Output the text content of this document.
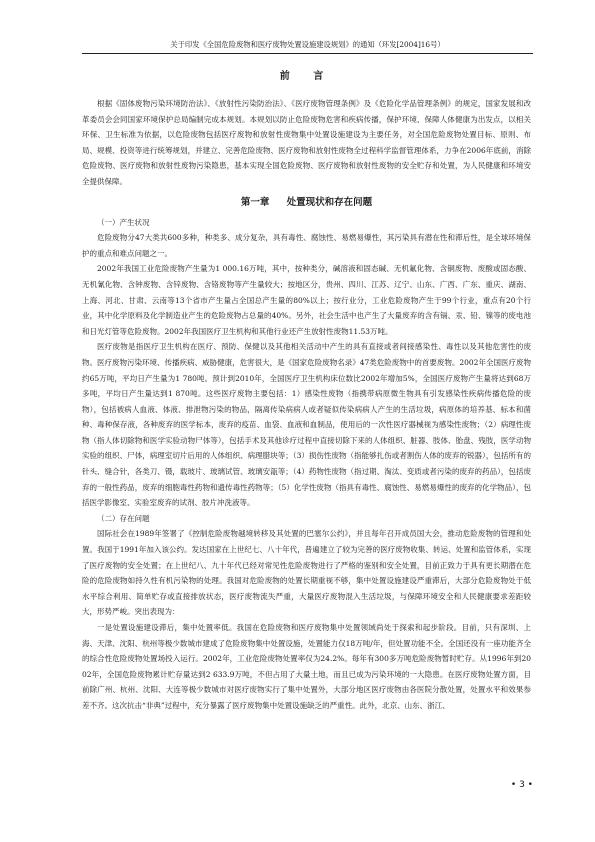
关于印发《全国危险废物和医疗废物处置设施建设规划》的通知（环发[2004]16号）
前 言

根据《固体废物污染环境防治法》、《放射性污染防治法》、《医疗废物管理条例》及《危险化学品管理条例》的规定，国家发展和改革委员会会同国家环境保护总局编制完成本规划。本规划以防止危险废物危害和疾病传播，保护环境、保障人体健康为出发点，以相关环保、卫生标准为依据，以危险废物包括医疗废物和放射性废物集中处置设施建设为主要任务，对全国危险废物处置目标、原则、布局、规模、投资等进行统筹规划，并建立、完善危险废物、医疗废物和放射性废物全过程科学监督管理体系，力争在2006年底前，消除危险废物、医疗废物和放射性废物污染隐患，基本实现全国危险废物、医疗废物和放射性废物的安全贮存和处置，为人民健康和环境安全提供保障。

第一章 处置现状和存在问题

（一）产生状况

危险废物分47大类共600多种，种类多、成分复杂，具有毒性、腐蚀性、易燃易爆性，其污染具有潜在性和滞后性，是全球环境保护的重点和难点问题之一。

2002年我国工业危险废物产生量为1 000.16万吨，其中，按种类分，碱溶液和固态碱、无机氟化物、含铜废物、废酸或固态酸、无机氰化物、含钟废物、含锌废物、含铬废物等产生量较大；按地区分，贵州、四川、江苏、辽宁、山东、广西、广东、重庆、湖南、上海、河北、甘肃、云南等13个省市产生量占全国总产生量的80%以上；按行业分，工业危险废物产生于99个行业，重点有20个行业，其中化学原料及化学制造业产生的危险废物占总量的40%。另外，社会生活中也产生了大量废弃的含有镉、汞、铅、镍等的废电池和日光灯管等危险废物。2002年我国医疗卫生机构和其他行业还产生放射性废物11.53万吨。

医疗废物是指医疗卫生机构在医疗、预防、保健以及其他相关活动中产生的具有直接或者间接感染性、毒性以及其他危害性的废物。医疗废物污染环境、传播疾病、威胁健康，危害很大，是《国家危险废物名录》47类危险废物中的首要废物。2002年全国医疗废物约65万吨，平均日产生量为1 780吨。预计到2010年，全国医疗卫生机构床位数比2002年增加5%，全国医疗废物产生量将达到68万多吨，平均日产生量达到1 870吨。这些医疗废物主要包括：1）感染性废物（指携带病原微生物具有引发感染性疾病传播危险的废物），包括被病人血液、体液、排泄物污染的物品，隔离传染病病人或者疑似传染病病人产生的生活垃圾，病原体的培养基、标本和菌种、毒种保存液，各种废弃的医学标本，废弃的疫苗、血袋、血液和血制品，使用后的一次性医疗器械视为感染性废物；（2）病理性废物（指人体切除物和医学实验动物尸体等），包括手术及其他诊疗过程中直接切除下来的人体组织、脏器、肢体、胎盘、残肢，医学动物实验的组织、尸体，病理室切片后用的人体组织、病理腊块等；（3）损伤性废物（指能够扎伤或者割伤人体的废弃的锐器），包括所有的针头、缝合针，各类刀、镊，载玻片、玻璃试管、玻璃安瓿等；（4）药物性废物（指过期、淘汰、变质或者污染的废弃的药品），包括废弃的一般性药品，废弃的细胞毒性药物和遗传毒性药物等；（5）化学性废物（指具有毒性、腐蚀性、易燃易爆性的废弃的化学物品），包括医学影像室、实验室废弃的试剂、胶片冲洗液等。

（二）存在问题

国际社会在1989年签署了《控制危险废物越境转移及其处置的巴塞尔公约》，并且每年召开成员国大会，推动危险废物的管理和处置。我国于1991年加入该公约。发达国家在上世纪七、八十年代，普遍建立了较为完善的医疗废物收集、转运、处置和监管体系，实现了医疗废物的安全处置；在上世纪八、九十年代已经对常见性危险废物进行了严格的鉴别和安全处置，目前正致力于具有更长期潜在危险的危险废物如持久性有机污染物的处理。我国对危险废物的处置长期重视不够，集中处置设施建设严重滞后，大部分危险废物处于低水平综合利用、简单贮存或直接排放状态，医疗废物流失严重，大量医疗废物混入生活垃圾，与保障环境安全和人民健康要求差距较大，形势严峻。突出表现为：

一是处置设施建设滞后，集中处置率低。我国在危险废物和医疗废物集中处置领域尚处于探索和起步阶段。目前，只有深圳、上海、天津、沈阳、杭州等极少数城市建成了危险废物集中处置设施，处置能力仅18万吨/年，但处置功能不全。全国还没有一座功能齐全的综合性危险废物处置场投入运行。2002年，工业危险废物处置率仅为24.2%。每年有300多万吨危险废物暂时贮存。从1996年到2002年，全国危险废物累计贮存量达到2 633.9万吨，不但占用了大量土地，而且已成为污染环境的一大隐患。在医疗废物处置方面，目前除广州、杭州、沈阳、大连等极少数城市对医疗废物实行了集中处置外，大部分地区医疗废物由各医院分散处置，处置水平和效果参差不齐。这次抗击“非典”过程中，充分暴露了医疗废物集中处置设施缺乏的严重性。此外，北京、山东、浙江、

• 3 •
